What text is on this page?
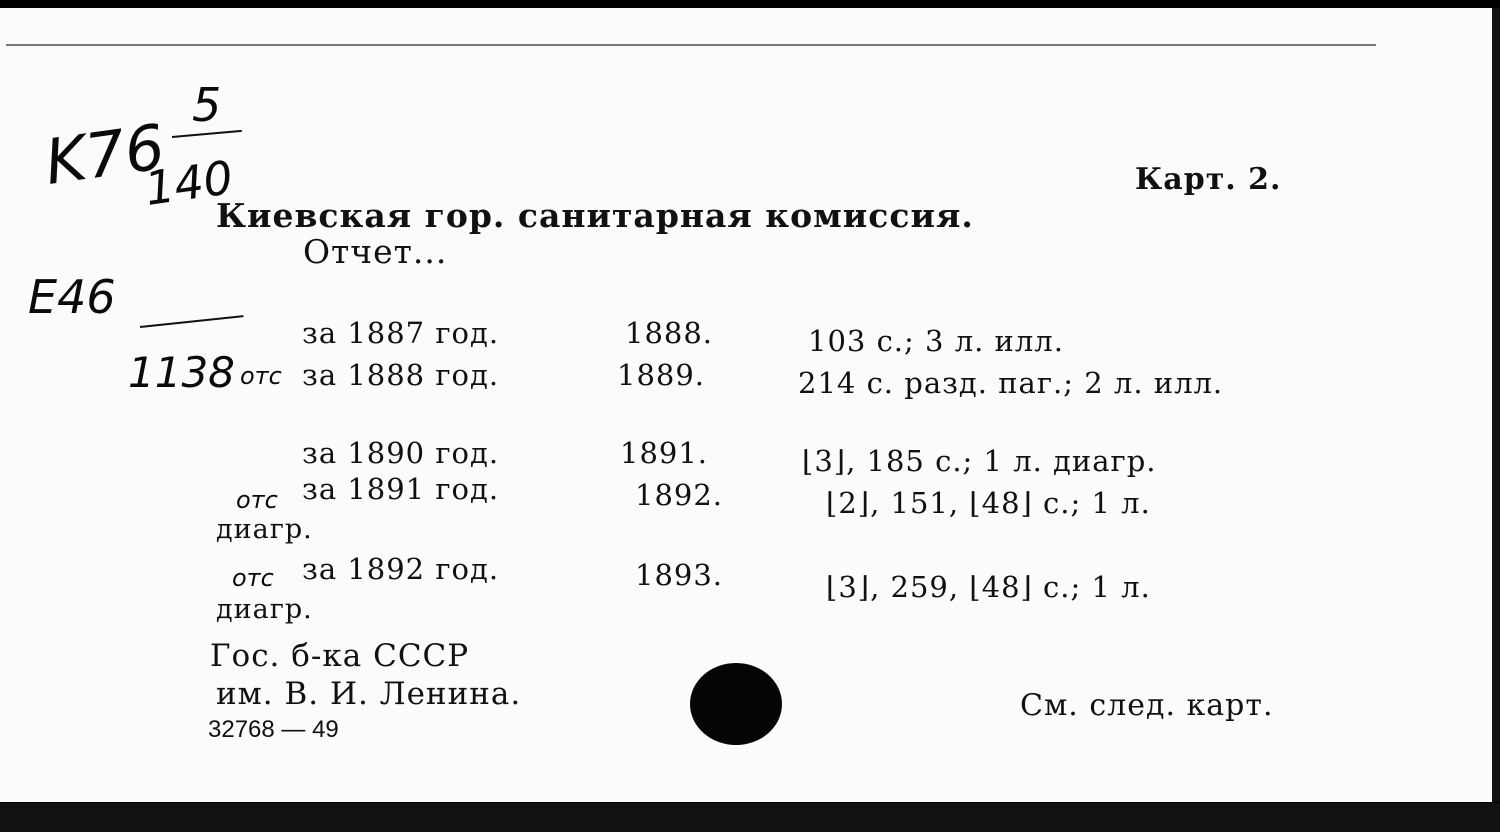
5
K76
140
E46
1138 отс
Карт. 2.
Киевская гор. санитарная комиссия.
Отчет...
за 1887 год.	1888.	103 с.; 3 л. илл.
за 1888 год.	1889.	214 с. разд. паг.; 2 л. илл.
за 1890 год.	1891.	⌊3⌋, 185 с.; 1 л. диагр.
отс за 1891 год.	1892.	⌊2⌋, 151, ⌊48⌋ с.; 1 л.
диагр.
отс за 1892 год.	1893.	⌊3⌋, 259, ⌊48⌋ с.; 1 л.
диагр.
Гос. б-ка СССР
им. В. И. Ленина.
32768 — 49
См. след. карт.
